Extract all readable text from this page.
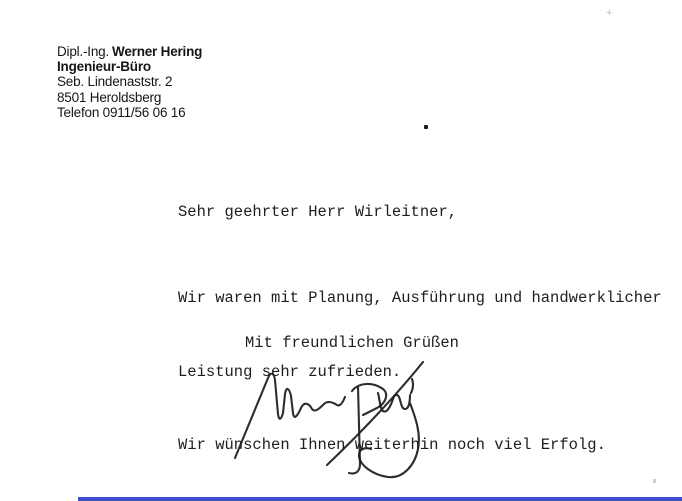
Dipl.-Ing. Werner Hering
Ingenieur-Büro
Seb. Lindenaststr. 2
8501 Heroldsberg
Telefon 0911/56 06 16
+
Sehr geehrter Herr Wirleitner,

Wir waren mit Planung, Ausführung und handwerklicher

Leistung sehr zufrieden.

Wir wünschen Ihnen weiterhin noch viel Erfolg.

Mit freundlichen Grüßen
